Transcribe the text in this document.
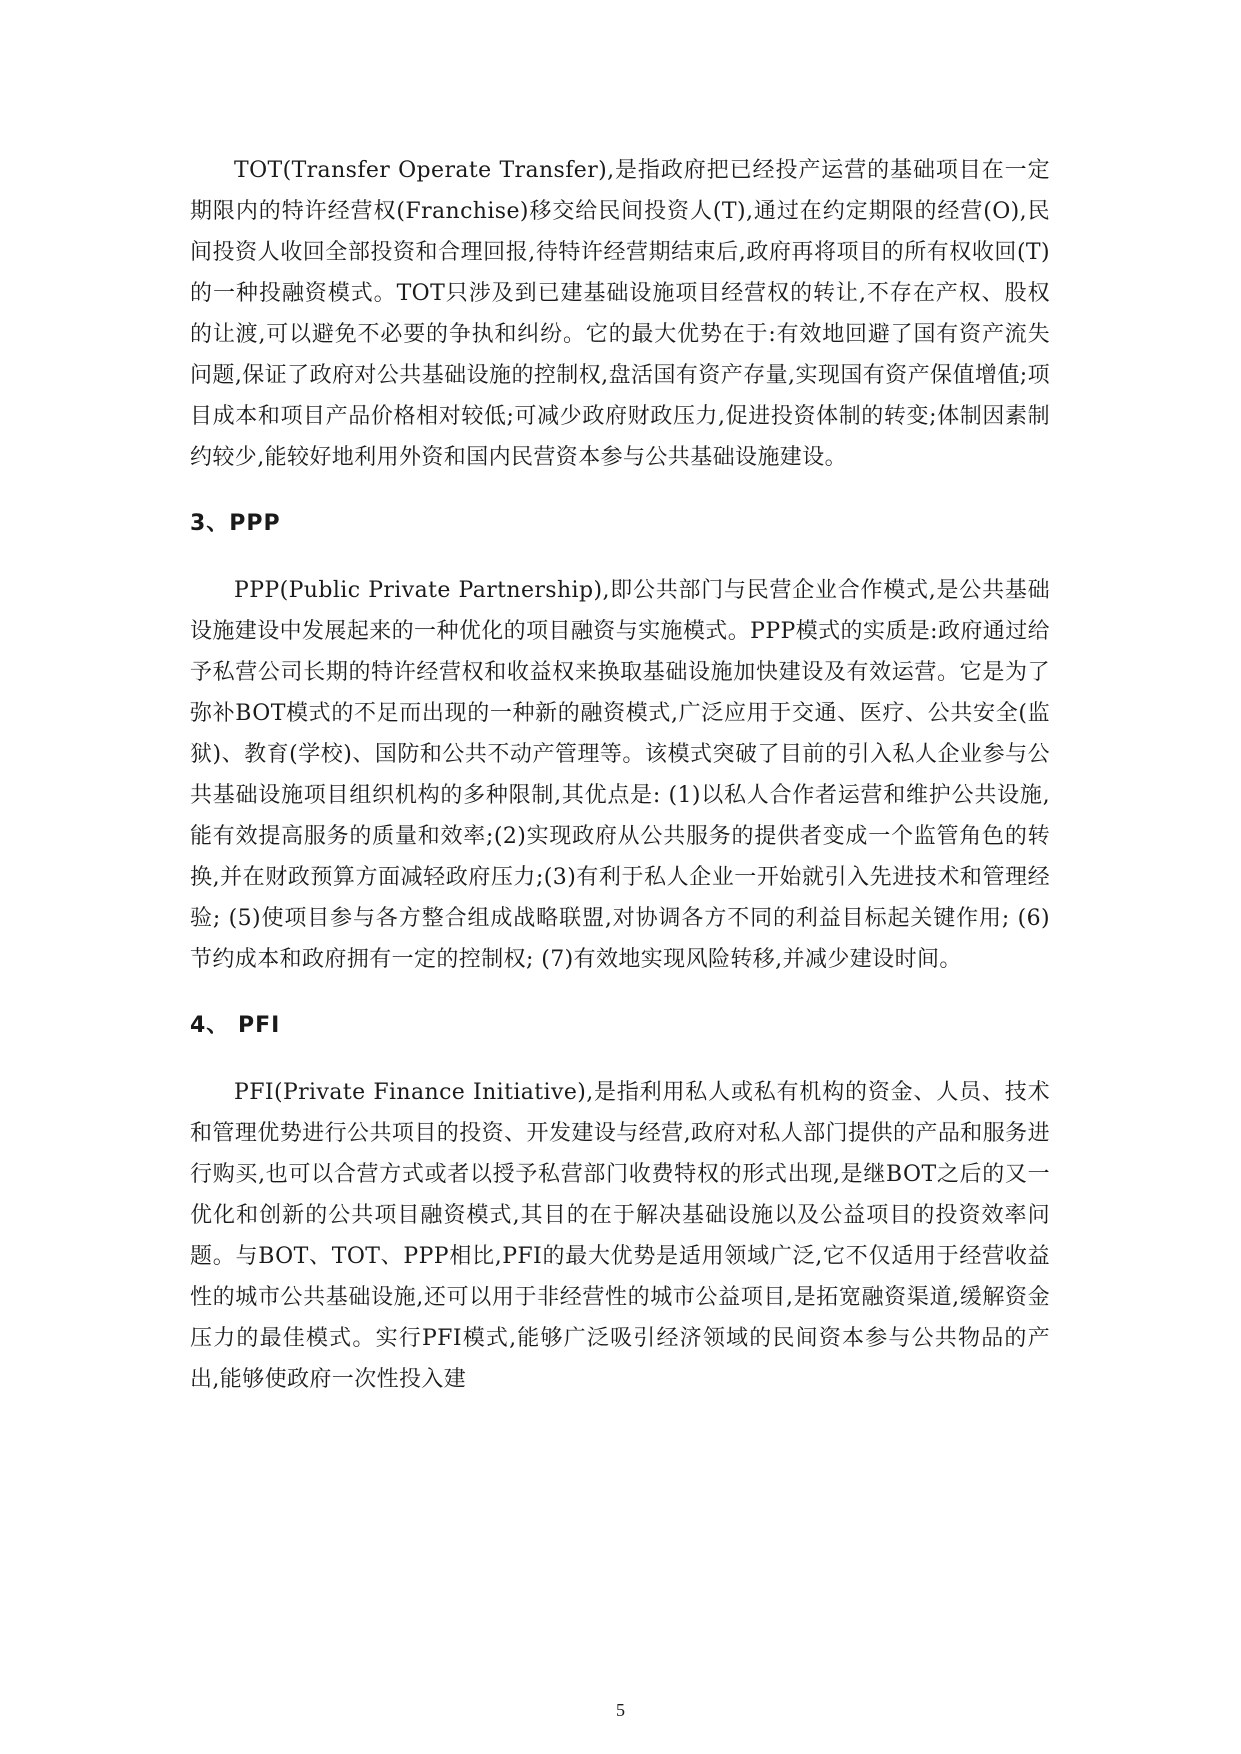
TOT(Transfer Operate Transfer),是指政府把已经投产运营的基础项目在一定期限内的特许经营权(Franchise)移交给民间投资人(T),通过在约定期限的经营(O),民间投资人收回全部投资和合理回报,待特许经营期结束后,政府再将项目的所有权收回(T)的一种投融资模式。TOT只涉及到已建基础设施项目经营权的转让,不存在产权、股权的让渡,可以避免不必要的争执和纠纷。它的最大优势在于:有效地回避了国有资产流失问题,保证了政府对公共基础设施的控制权,盘活国有资产存量,实现国有资产保值增值;项目成本和项目产品价格相对较低;可减少政府财政压力,促进投资体制的转变;体制因素制约较少,能较好地利用外资和国内民营资本参与公共基础设施建设。

3、PPP

PPP(Public Private Partnership),即公共部门与民营企业合作模式,是公共基础设施建设中发展起来的一种优化的项目融资与实施模式。PPP模式的实质是:政府通过给予私营公司长期的特许经营权和收益权来换取基础设施加快建设及有效运营。它是为了弥补BOT模式的不足而出现的一种新的融资模式,广泛应用于交通、医疗、公共安全(监狱)、教育(学校)、国防和公共不动产管理等。该模式突破了目前的引入私人企业参与公共基础设施项目组织机构的多种限制,其优点是: (1)以私人合作者运营和维护公共设施,能有效提高服务的质量和效率;(2)实现政府从公共服务的提供者变成一个监管角色的转换,并在财政预算方面减轻政府压力;(3)有利于私人企业一开始就引入先进技术和管理经验; (5)使项目参与各方整合组成战略联盟,对协调各方不同的利益目标起关键作用; (6)节约成本和政府拥有一定的控制权; (7)有效地实现风险转移,并减少建设时间。

4、 PFI

PFI(Private Finance Initiative),是指利用私人或私有机构的资金、人员、技术和管理优势进行公共项目的投资、开发建设与经营,政府对私人部门提供的产品和服务进行购买,也可以合营方式或者以授予私营部门收费特权的形式出现,是继BOT之后的又一优化和创新的公共项目融资模式,其目的在于解决基础设施以及公益项目的投资效率问题。与BOT、TOT、PPP相比,PFI的最大优势是适用领域广泛,它不仅适用于经营收益性的城市公共基础设施,还可以用于非经营性的城市公益项目,是拓宽融资渠道,缓解资金压力的最佳模式。实行PFI模式,能够广泛吸引经济领域的民间资本参与公共物品的产出,能够使政府一次性投入建

5
